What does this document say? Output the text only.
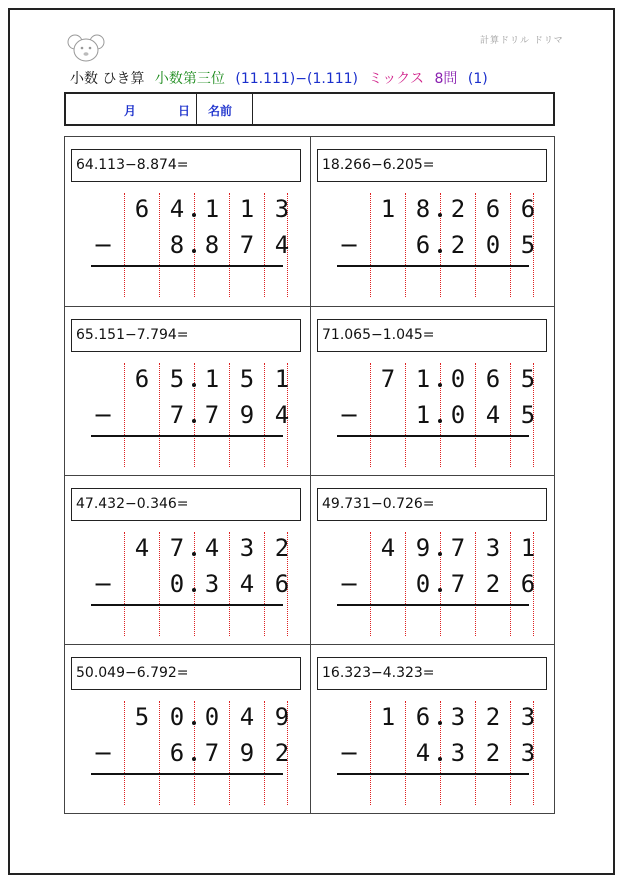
計算ドリル ドリマ
小数 ひき算 小数第三位 (11.111)−(1.111) ミックス 8問 (1)
月	日 名前
64.113−8.874=
6 4 1 1 3
8 8 7 4
−
18.266−6.205=
1 8 2 6 6
6 2 0 5
−
65.151−7.794=
6 5 1 5 1
7 7 9 4
−
71.065−1.045=
7 1 0 6 5
1 0 4 5
−
47.432−0.346=
4 7 4 3 2
0 3 4 6
−
49.731−0.726=
4 9 7 3 1
0 7 2 6
−
50.049−6.792=
5 0 0 4 9
6 7 9 2
−
16.323−4.323=
1 6 3 2 3
4 3 2 3
−
